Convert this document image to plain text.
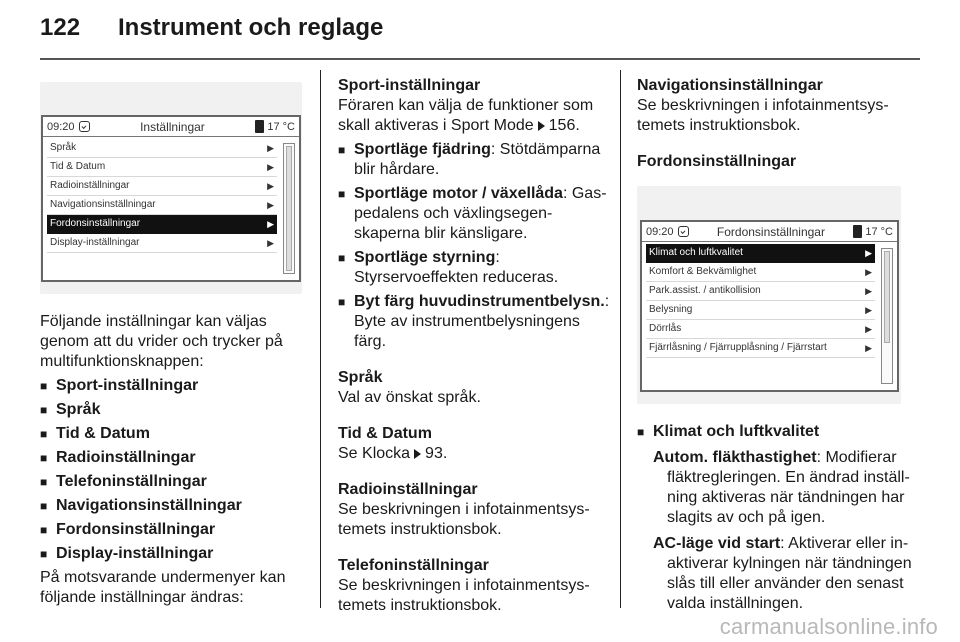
122	Instrument och reglage
09:20	Inställningar	17 °C
Språk	▶
Tid & Datum	▶
Radioinställningar	▶
Navigationsinställningar	▶
Fordonsinställningar	▶
Display-inställningar	▶

Följande inställningar kan väljas genom att du vrider och trycker på multifunktionsknappen:

■ Sport-inställningar
■ Språk
■ Tid & Datum
■ Radioinställningar
■ Telefoninställningar
■ Navigationsinställningar
■ Fordonsinställningar
■ Display-inställningar

På motsvarande undermenyer kan följande inställningar ändras:

Sport-inställningar

Föraren kan välja de funktioner som skall aktiveras i Sport Mode 156.

■ Sportläge fjädring: Stötdämparna blir hårdare.
■ Sportläge motor / växellåda: Gaspedalens och växlingsegenskaperna blir känsligare.
■ Sportläge styrning: Styrservoeffekten reduceras.
■ Byt färg huvudinstrumentbelysn.: Byte av instrumentbelysningens färg.
Språk

Val av önskat språk.

Tid & Datum

Se Klocka 93.

Radioinställningar

Se beskrivningen i infotainmentsystemets instruktionsbok.

Telefoninställningar

Se beskrivningen i infotainmentsystemets instruktionsbok.

Navigationsinställningar

Se beskrivningen i infotainmentsystemets instruktionsbok.

Fordonsinställningar
09:20	Fordonsinställningar	17 °C
Klimat och luftkvalitet	▶
Komfort & Bekvämlighet	▶
Park.assist. / antikollision	▶
Belysning	▶
Dörrlås	▶
Fjärrlåsning / Fjärrupplåsning / Fjärrstart	▶
■ Klimat och luftkvalitet

Autom. fläkthastighet: Modifierar fläktregleringen. En ändrad inställning aktiveras när tändningen har slagits av och på igen.

AC-läge vid start: Aktiverar eller inaktiverar kylningen när tändningen slås till eller använder den senast valda inställningen.

carmanualsonline.info
